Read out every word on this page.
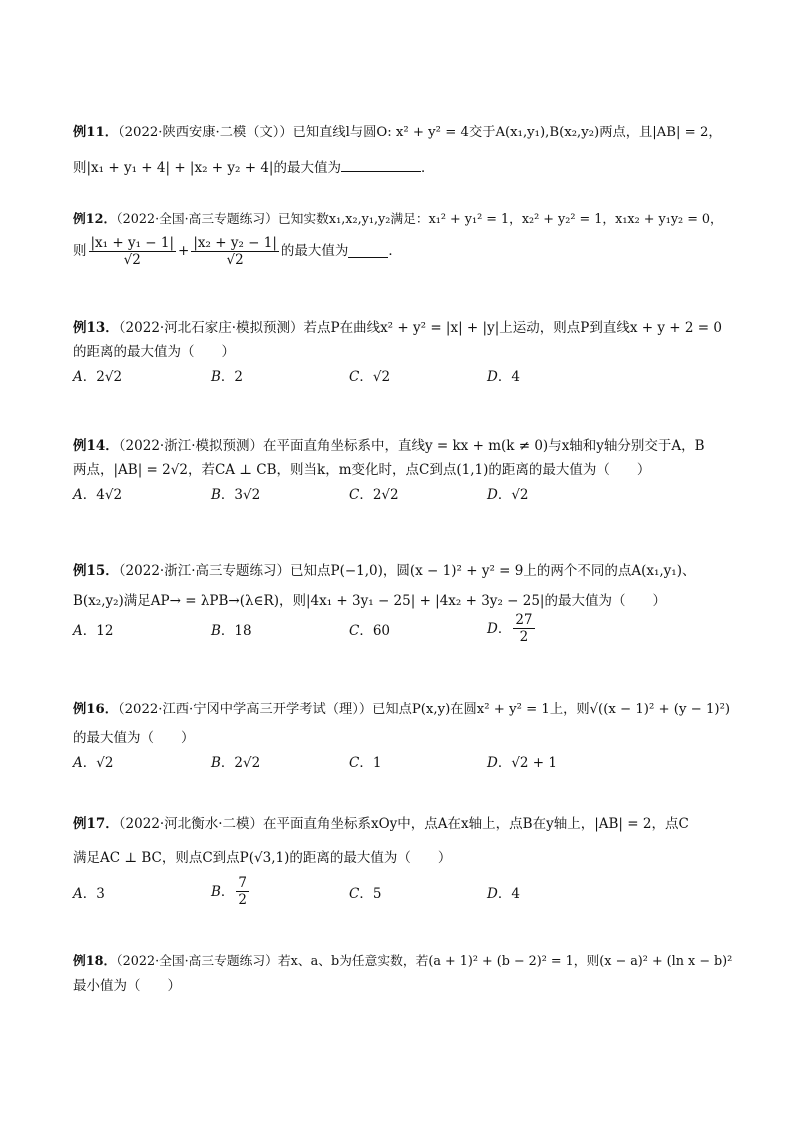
例11．（2022·陕西安康·二模（文））已知直线l与圆O: x² + y² = 4交于A(x₁,y₁),B(x₂,y₂)两点，且|AB| = 2，
则|x₁ + y₁ + 4| + |x₂ + y₂ + 4|的最大值为	．
例12．（2022·全国·高三专题练习）已知实数x₁,x₂,y₁,y₂满足：x₁² + y₁² = 1，x₂² + y₂² = 1，x₁x₂ + y₁y₂ = 0，
则 $\frac{\text{|x₁ + y₁ − 1|}}{√2} + \frac{\text{|x₂ + y₂ − 1|}}{√2}$ 的最大值为	．
例13．（2022·河北石家庄·模拟预测）若点P在曲线x² + y² = |x| + |y|上运动，则点P到直线x + y + 2 = 0
的距离的最大值为（　　）
A．2√2	B．2	C．√2	D．4
例14．（2022·浙江·模拟预测）在平面直角坐标系中，直线y = kx + m(k ≠ 0)与x轴和y轴分别交于A，B
两点，|AB| = 2√2，若CA ⊥ CB，则当k，m变化时，点C到点(1,1)的距离的最大值为（　　）
A．4√2	B．3√2	C．2√2	D．√2
例15．（2022·浙江·高三专题练习）已知点P(−1,0)，圆(x − 1)² + y² = 9上的两个不同的点A(x₁,y₁)、
B(x₂,y₂)满足AP→ = λPB→(λ∈R)，则|4x₁ + 3y₁ − 25| + |4x₂ + 3y₂ − 25|的最大值为（　　）
A．12	B．18	C．60	D ． $\frac{27}{2}$
例16．（2022·江西·宁冈中学高三开学考试（理））已知点P(x,y)在圆x² + y² = 1上，则√((x − 1)² + (y − 1)²)
的最大值为（　　）
A．√2	B．2√2	C．1	D．√2 + 1
例17．（2022·河北衡水·二模）在平面直角坐标系xOy中，点A在x轴上，点B在y轴上，|AB| = 2，点C
满足AC ⊥ BC，则点C到点P(√3,1)的距离的最大值为（　　）
A．3	B ． $\frac{7}{2}$	C．5	D．4
例18．（2022·全国·高三专题练习）若x、a、b为任意实数，若(a + 1)² + (b − 2)² = 1，则(x − a)² + (ln x − b)²
最小值为（　　）
